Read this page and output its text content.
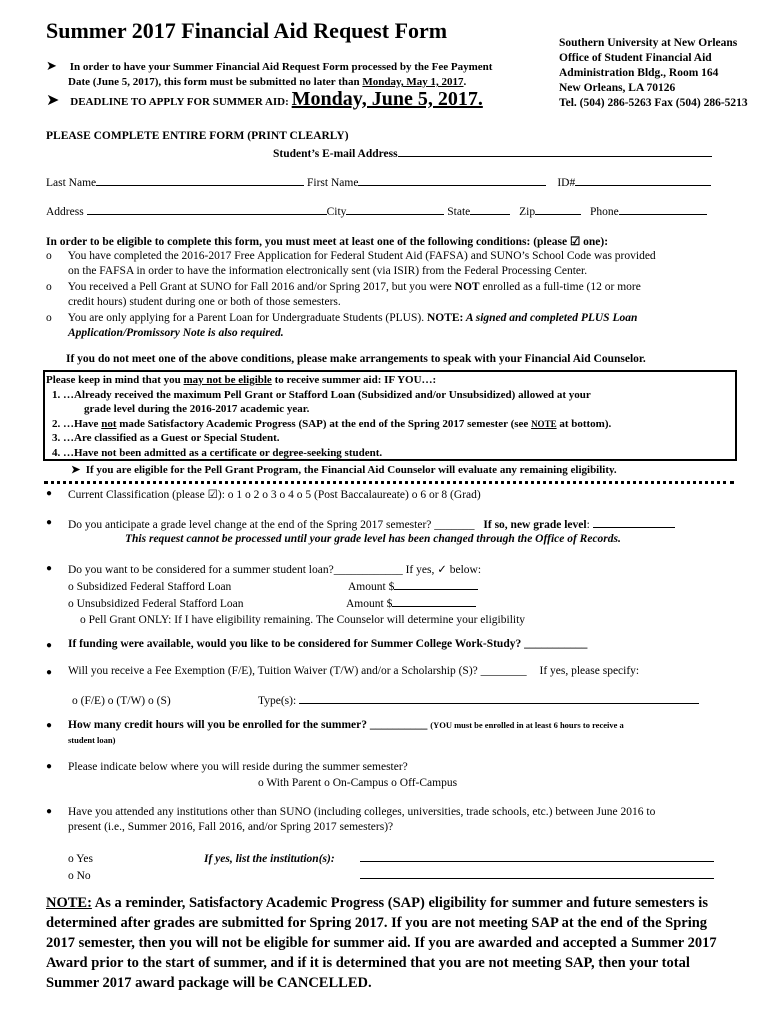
Summer 2017 Financial Aid Request Form
➤ In order to have your Summer Financial Aid Request Form processed by the Fee Payment
Date (June 5, 2017), this form must be submitted no later than Monday, May 1, 2017.
➤ DEADLINE TO APPLY FOR SUMMER AID: Monday, June 5, 2017.
Southern University at New Orleans
Office of Student Financial Aid
Administration Bldg., Room 164
New Orleans, LA 70126
Tel. (504) 286-5263 Fax (504) 286-5213
PLEASE COMPLETE ENTIRE FORM (PRINT CLEARLY)
Student’s E-mail Address
Last Name	First Name	ID#
Address	City	State	Zip	Phone
In order to be eligible to complete this form, you must meet at least one of the following conditions: (please ☑ one):
o You have completed the 2016-2017 Free Application for Federal Student Aid (FAFSA) and SUNO’s School Code was provided
on the FAFSA in order to have the information electronically sent (via ISIR) from the Federal Processing Center.
o You received a Pell Grant at SUNO for Fall 2016 and/or Spring 2017, but you were NOT enrolled as a full-time (12 or more
credit hours) student during one or both of those semesters.
o You are only applying for a Parent Loan for Undergraduate Students (PLUS). NOTE: A signed and completed PLUS Loan
Application/Promissory Note is also required.
If you do not meet one of the above conditions, please make arrangements to speak with your Financial Aid Counselor.
Please keep in mind that you may not be eligible to receive summer aid: IF YOU…:
1. …Already received the maximum Pell Grant or Stafford Loan (Subsidized and/or Unsubsidized) allowed at your
grade level during the 2016-2017 academic year.
2. …Have not made Satisfactory Academic Progress (SAP) at the end of the Spring 2017 semester (see NOTE at bottom).
3. …Are classified as a Guest or Special Student.
4. …Have not been admitted as a certificate or degree-seeking student.
➤ If you are eligible for the Pell Grant Program, the Financial Aid Counselor will evaluate any remaining eligibility.
● Current Classification (please ☑): o 1 o 2 o 3 o 4 o 5 (Post Baccalaureate) o 6 or 8 (Grad)
● Do you anticipate a grade level change at the end of the Spring 2017 semester? _______ If so, new grade level:
This request cannot be processed until your grade level has been changed through the Office of Records.
● Do you want to be considered for a summer student loan?____________ If yes, ✓ below:
o Subsidized Federal Stafford Loan	Amount $
o Unsubsidized Federal Stafford Loan	Amount $
o Pell Grant ONLY: If I have eligibility remaining. The Counselor will determine your eligibility
● If funding were available, would you like to be considered for Summer College Work-Study? ___________
● Will you receive a Fee Exemption (F/E), Tuition Waiver (T/W) and/or a Scholarship (S)? ________ If yes, please specify:
o (F/E) o (T/W) o (S)	Type(s):
● How many credit hours will you be enrolled for the summer? __________ (YOU must be enrolled in at least 6 hours to receive a
student loan)
● Please indicate below where you will reside during the summer semester?
o With Parent o On-Campus o Off-Campus
● Have you attended any institutions other than SUNO (including colleges, universities, trade schools, etc.) between June 2016 to
present (i.e., Summer 2016, Fall 2016, and/or Spring 2017 semesters)?
o Yes	If yes, list the institution(s):
o No
NOTE: As a reminder, Satisfactory Academic Progress (SAP) eligibility for summer and future semesters is determined after grades are submitted for Spring 2017. If you are not meeting SAP at the end of the Spring 2017 semester, then you will not be eligible for summer aid. If you are awarded and accepted a Summer 2017 Award prior to the start of summer, and if it is determined that you are not meeting SAP, then your total Summer 2017 award package will be CANCELLED.
